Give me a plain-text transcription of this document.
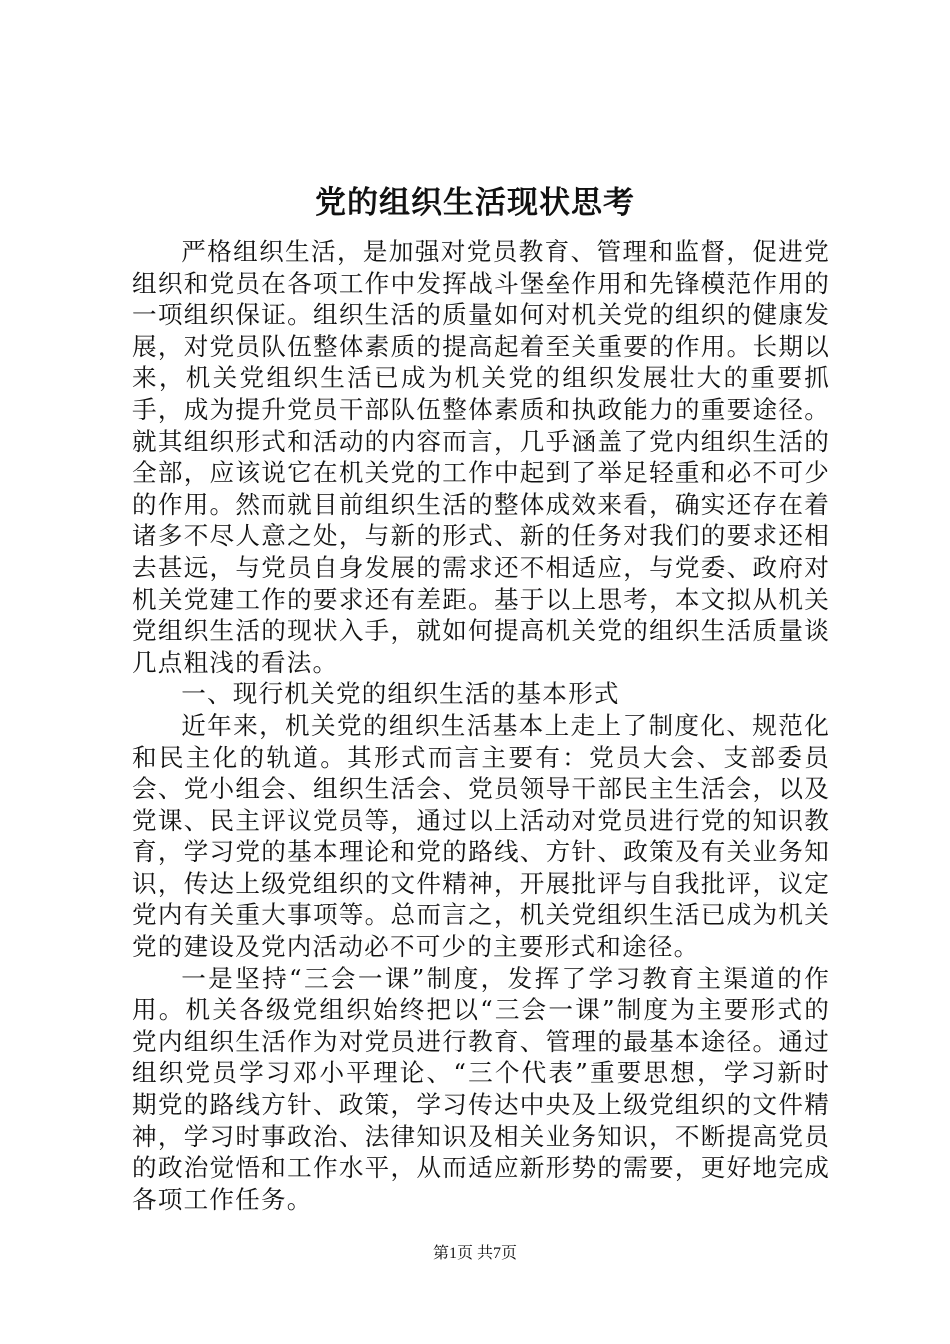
党的组织生活现状思考

严格组织生活，是加强对党员教育、管理和监督，促进党组织和党员在各项工作中发挥战斗堡垒作用和先锋模范作用的一项组织保证。组织生活的质量如何对机关党的组织的健康发展，对党员队伍整体素质的提高起着至关重要的作用。长期以来，机关党组织生活已成为机关党的组织发展壮大的重要抓手，成为提升党员干部队伍整体素质和执政能力的重要途径。就其组织形式和活动的内容而言，几乎涵盖了党内组织生活的全部，应该说它在机关党的工作中起到了举足轻重和必不可少的作用。然而就目前组织生活的整体成效来看，确实还存在着诸多不尽人意之处，与新的形式、新的任务对我们的要求还相去甚远，与党员自身发展的需求还不相适应，与党委、政府对机关党建工作的要求还有差距。基于以上思考，本文拟从机关党组织生活的现状入手，就如何提高机关党的组织生活质量谈几点粗浅的看法。

一、现行机关党的组织生活的基本形式

近年来，机关党的组织生活基本上走上了制度化、规范化和民主化的轨道。其形式而言主要有：党员大会、支部委员会、党小组会、组织生活会、党员领导干部民主生活会，以及党课、民主评议党员等，通过以上活动对党员进行党的知识教育，学习党的基本理论和党的路线、方针、政策及有关业务知识，传达上级党组织的文件精神，开展批评与自我批评，议定党内有关重大事项等。总而言之，机关党组织生活已成为机关党的建设及党内活动必不可少的主要形式和途径。

一是坚持“三会一课”制度，发挥了学习教育主渠道的作用。机关各级党组织始终把以“三会一课”制度为主要形式的党内组织生活作为对党员进行教育、管理的最基本途径。通过组织党员学习邓小平理论、“三个代表”重要思想，学习新时期党的路线方针、政策，学习传达中央及上级党组织的文件精神，学习时事政治、法律知识及相关业务知识，不断提高党员的政治觉悟和工作水平，从而适应新形势的需要，更好地完成各项工作任务。

第1页 共7页
